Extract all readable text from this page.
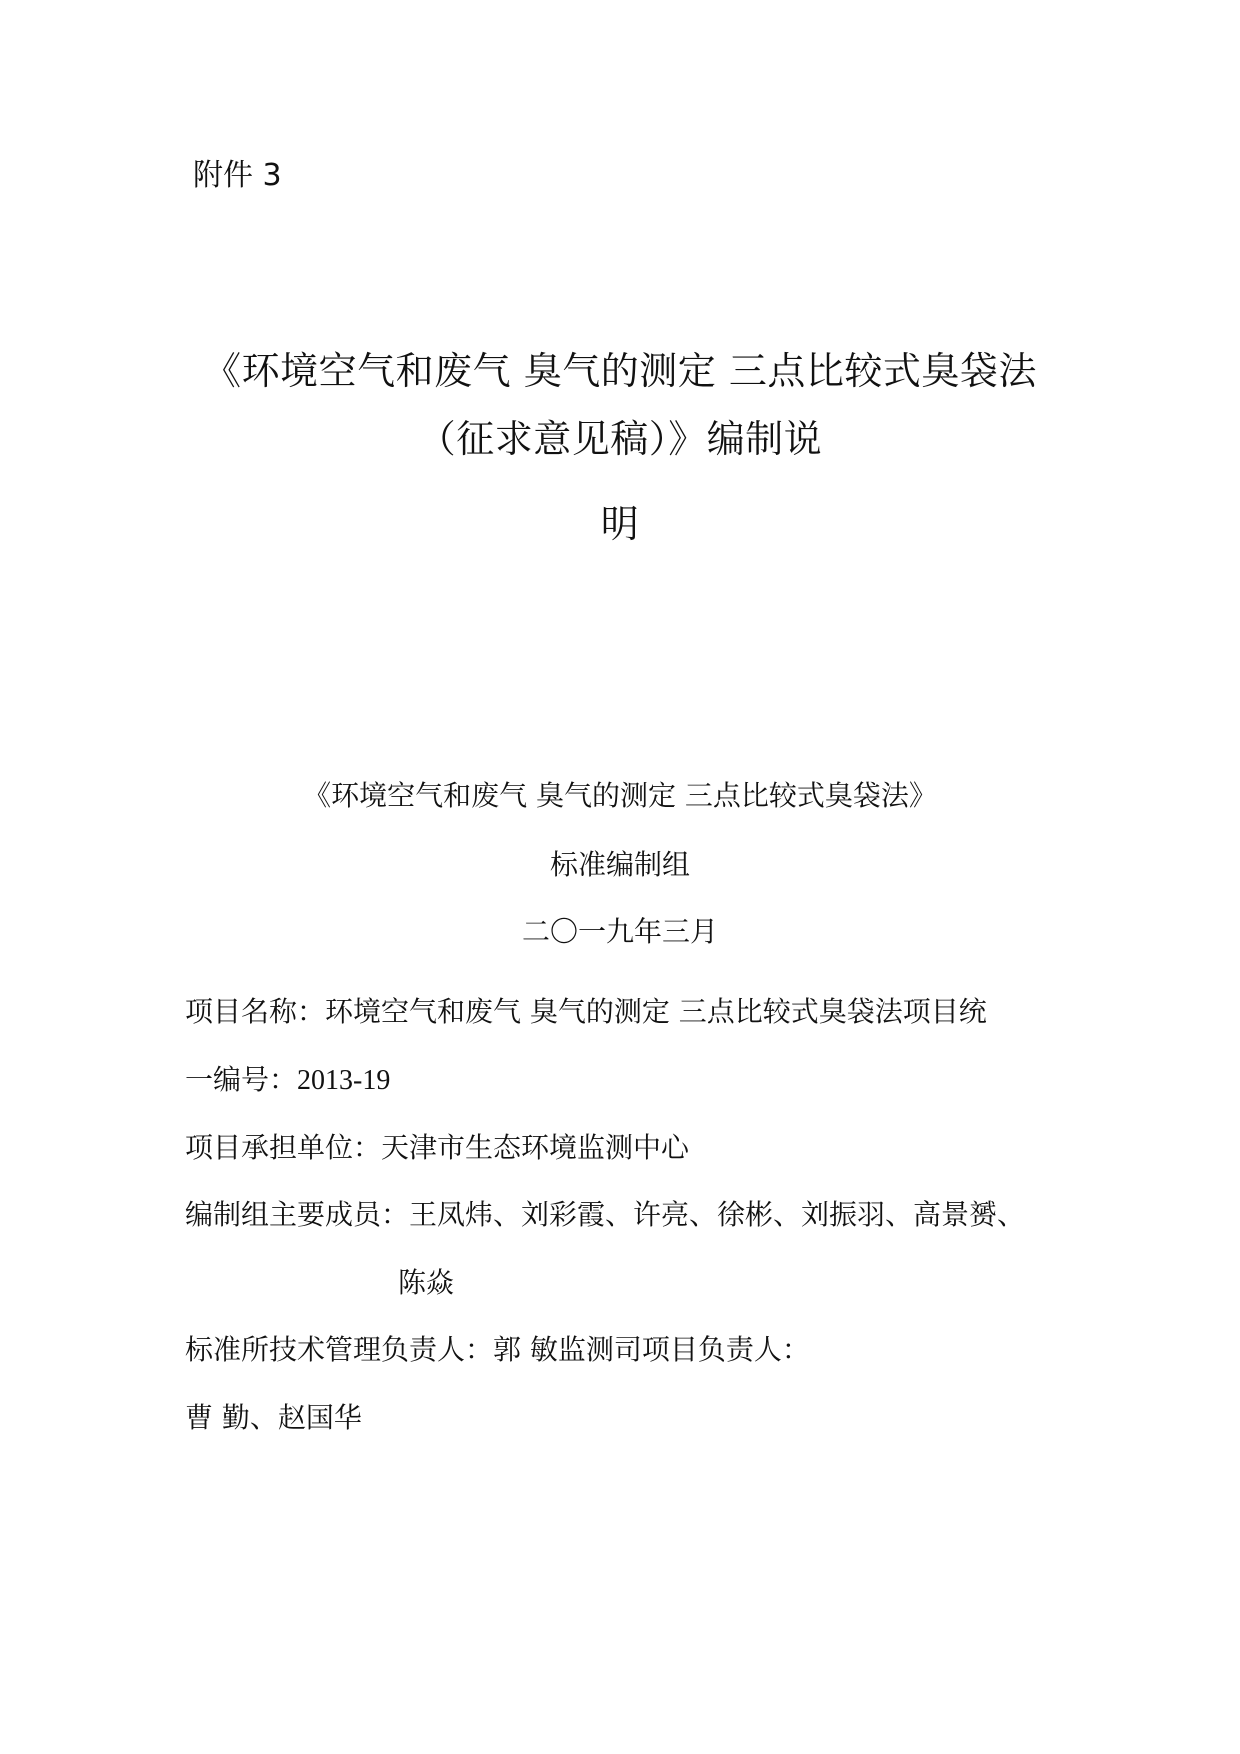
附件 3
《环境空气和废气 臭气的测定 三点比较式臭袋法
（征求意见稿）》编制说
明
《环境空气和废气 臭气的测定 三点比较式臭袋法》
标准编制组
二〇一九年三月
项目名称：环境空气和废气 臭气的测定 三点比较式臭袋法项目统
一编号：2013-19
项目承担单位：天津市生态环境监测中心
编制组主要成员：王凤炜、刘彩霞、许亮、徐彬、刘振羽、高景赟、
陈焱
标准所技术管理负责人：郭 敏监测司项目负责人：
曹 勤、赵国华
